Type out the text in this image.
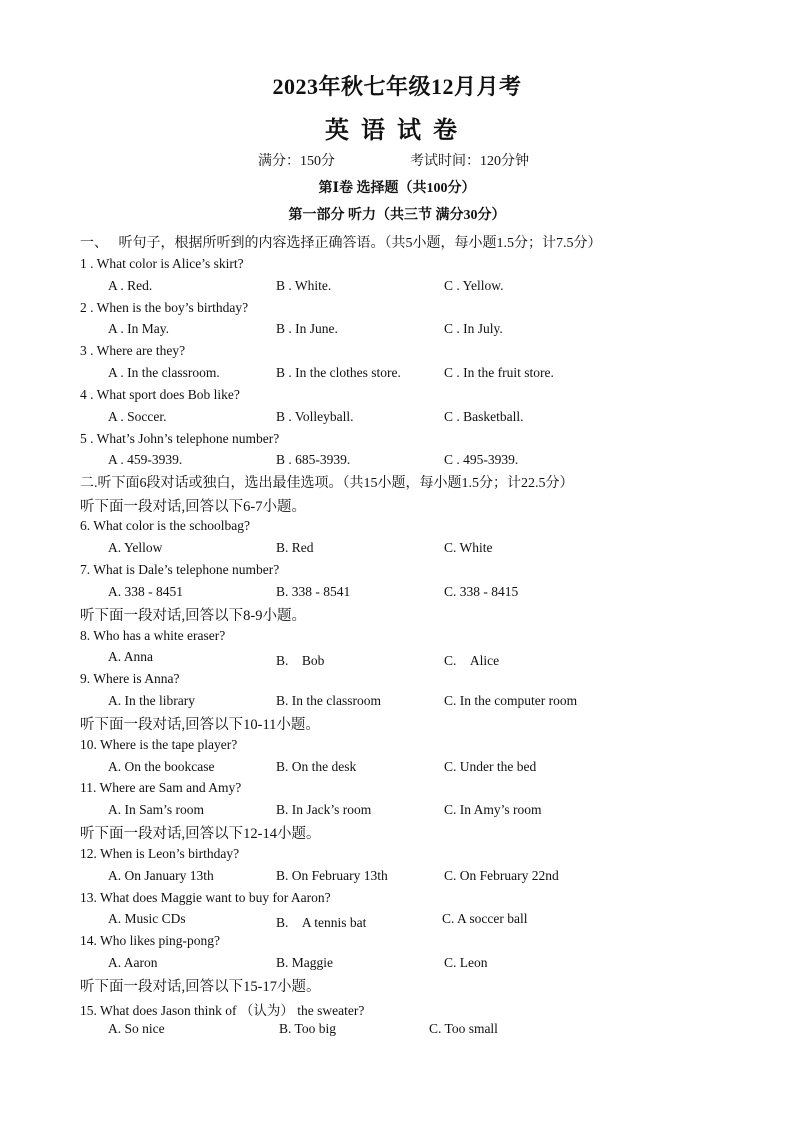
2023年秋七年级12月月考
英语试卷
满分：150分	考试时间：120分钟
第Ⅰ卷 选择题（共100分）
第一部分 听力（共三节 满分30分）
一、　 听句子，根据所听到的内容选择正确答语。（共5小题，每小题1.5分；计7.5分）
1 . What color is Alice’s skirt?
A . Red.	B . White.	C . Yellow.
2 . When is the boy’s birthday?
A . In May.	B . In June.	C . In July.
3 . Where are they?
A . In the classroom.	B . In the clothes store.	C . In the fruit store.
4 . What sport does Bob like?
A . Soccer.	B . Volleyball.	C . Basketball.
5 . What’s John’s telephone number?
A . 459-3939.	B . 685-3939.	C . 495-3939.
二.听下面6段对话或独白，选出最佳选项。（共15小题，每小题1.5分；计22.5分）
听下面一段对话,回答以下6-7小题。
6. What color is the schoolbag?
A. Yellow	B. Red	C. White
7. What is Dale’s telephone number?
A. 338 - 8451	B. 338 - 8541	C. 338 - 8415
听下面一段对话,回答以下8-9小题。
8. Who has a white eraser?
A. Anna	B.　Bob	C.　Alice
9. Where is Anna?
A. In the library	B. In the classroom	C. In the computer room
听下面一段对话,回答以下10-11小题。
10. Where is the tape player?
A. On the bookcase	B. On the desk	C. Under the bed
11. Where are Sam and Amy?
A. In Sam’s room	B. In Jack’s room	C. In Amy’s room
听下面一段对话,回答以下12-14小题。
12. When is Leon’s birthday?
A. On January 13th	B. On February 13th	C. On February 22nd
13. What does Maggie want to buy for Aaron?
A. Music CDs	B.　A tennis bat	C. A soccer ball
14. Who likes ping-pong?
A. Aaron	B. Maggie	C. Leon
听下面一段对话,回答以下15-17小题。
15. What does Jason think of （认为） the sweater?
A. So nice	B. Too big	C. Too small
